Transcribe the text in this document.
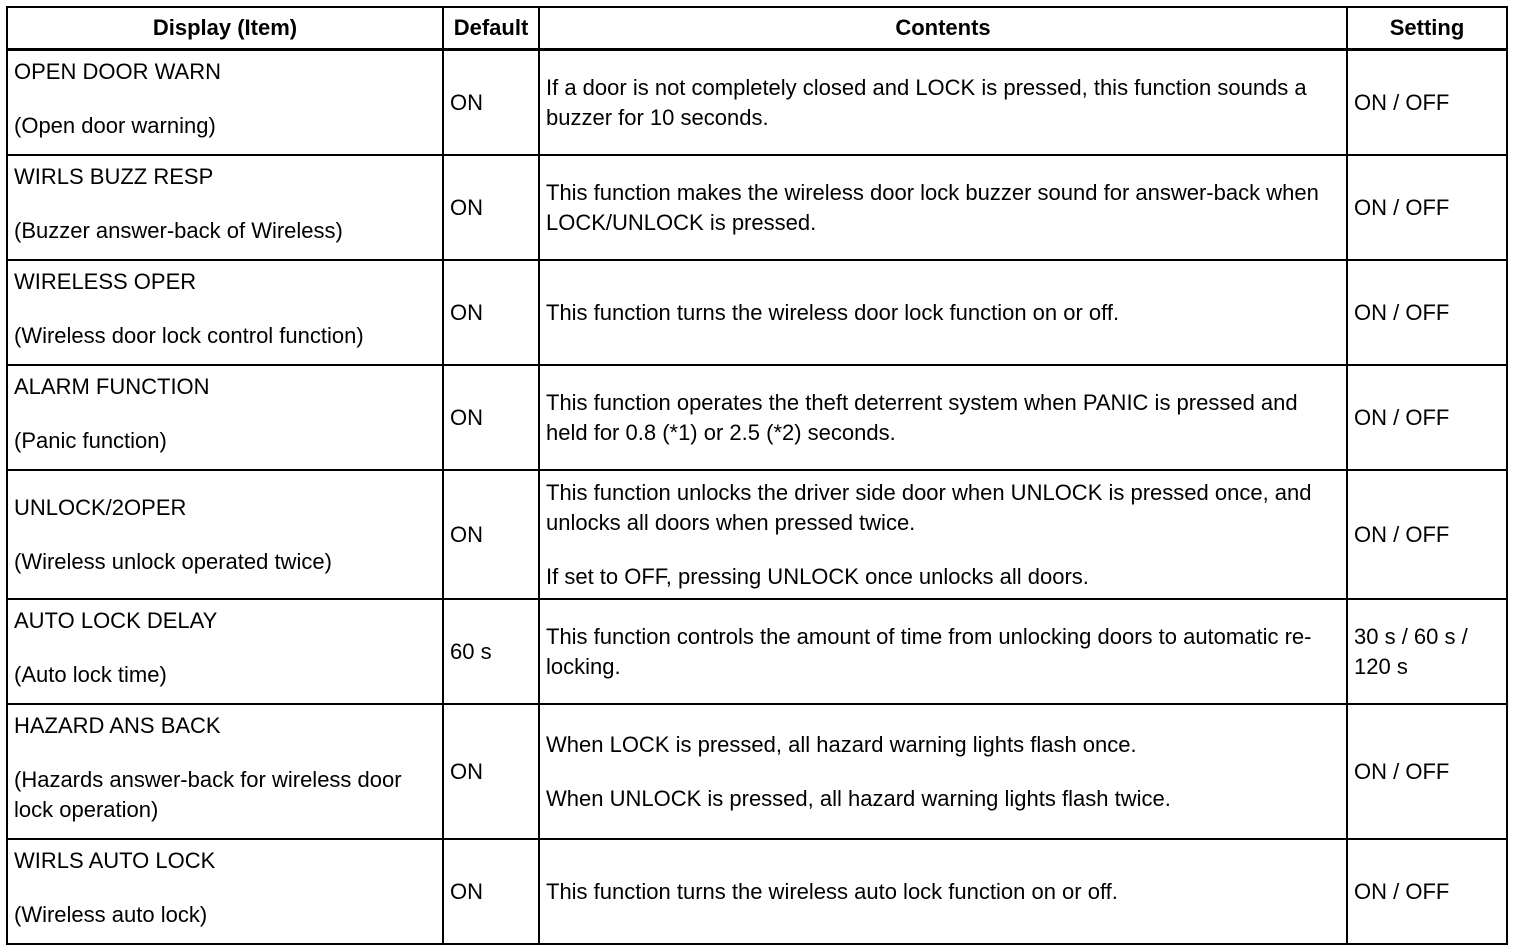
Display (Item)	Default	Contents	Setting

OPEN DOOR WARN
(Open door warning)	ON	If a door is not completely closed and LOCK is pressed, this function sounds a buzzer for 10 seconds.	ON / OFF

WIRLS BUZZ RESP
(Buzzer answer-back of Wireless)	ON	This function makes the wireless door lock buzzer sound for answer-back when LOCK/UNLOCK is pressed.	ON / OFF

WIRELESS OPER
(Wireless door lock control function)	ON	This function turns the wireless door lock function on or off.	ON / OFF

ALARM FUNCTION
(Panic function)	ON	This function operates the theft deterrent system when PANIC is pressed and held for 0.8 (*1) or 2.5 (*2) seconds.	ON / OFF

UNLOCK/2OPER
(Wireless unlock operated twice)	ON	This function unlocks the driver side door when UNLOCK is pressed once, and unlocks all doors when pressed twice.
If set to OFF, pressing UNLOCK once unlocks all doors.	ON / OFF

AUTO LOCK DELAY
(Auto lock time)	60 s	This function controls the amount of time from unlocking doors to automatic re-locking.	30 s / 60 s / 120 s

HAZARD ANS BACK
(Hazards answer-back for wireless door lock operation)	ON	When LOCK is pressed, all hazard warning lights flash once.
When UNLOCK is pressed, all hazard warning lights flash twice.	ON / OFF

WIRLS AUTO LOCK
(Wireless auto lock)	ON	This function turns the wireless auto lock function on or off.	ON / OFF
